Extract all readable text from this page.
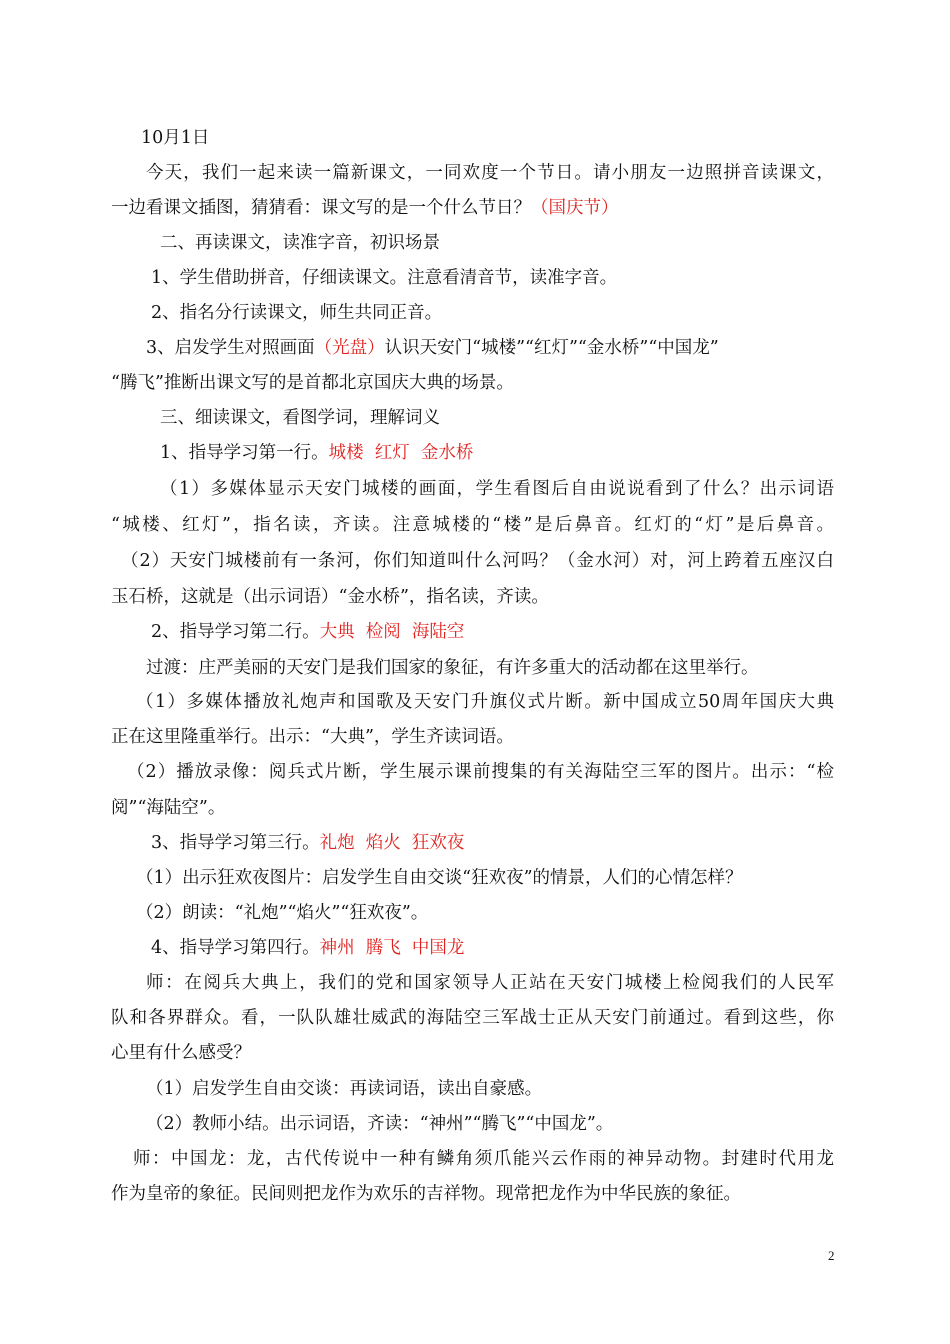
10月1日
今天，我们一起来读一篇新课文，一同欢度一个节日。请小朋友一边照拼音读课文，
一边看课文插图，猜猜看：课文写的是一个什么节日？（国庆节）
二、再读课文，读准字音，初识场景
1、学生借助拼音，仔细读课文。注意看清音节，读准字音。
2、指名分行读课文，师生共同正音。
3、启发学生对照画面（光盘）认识天安门“城楼”“红灯”“金水桥”“中国龙”
“腾飞”推断出课文写的是首都北京国庆大典的场景。
三、细读课文，看图学词，理解词义
1、指导学习第一行。城楼  红灯  金水桥
（1）多媒体显示天安门城楼的画面，学生看图后自由说说看到了什么？出示词语
“城楼、红灯”，指名读，齐读。注意城楼的“楼”是后鼻音。红灯的“灯”是后鼻音。
（2）天安门城楼前有一条河，你们知道叫什么河吗？（金水河）对，河上跨着五座汉白
玉石桥，这就是（出示词语）“金水桥”，指名读，齐读。
2、指导学习第二行。大典  检阅  海陆空
过渡：庄严美丽的天安门是我们国家的象征，有许多重大的活动都在这里举行。
（1）多媒体播放礼炮声和国歌及天安门升旗仪式片断。新中国成立50周年国庆大典
正在这里隆重举行。出示：“大典”，学生齐读词语。
（2）播放录像：阅兵式片断，学生展示课前搜集的有关海陆空三军的图片。出示：“检
阅”“海陆空”。
3、指导学习第三行。礼炮  焰火  狂欢夜
（1）出示狂欢夜图片：启发学生自由交谈“狂欢夜”的情景，人们的心情怎样？
（2）朗读：“礼炮”“焰火”“狂欢夜”。
4、指导学习第四行。神州  腾飞  中国龙
师：在阅兵大典上，我们的党和国家领导人正站在天安门城楼上检阅我们的人民军
队和各界群众。看，一队队雄壮威武的海陆空三军战士正从天安门前通过。看到这些，你
心里有什么感受？
（1）启发学生自由交谈：再读词语，读出自豪感。
（2）教师小结。出示词语，齐读：“神州”“腾飞”“中国龙”。
师：中国龙：龙，古代传说中一种有鳞角须爪能兴云作雨的神异动物。封建时代用龙
作为皇帝的象征。民间则把龙作为欢乐的吉祥物。现常把龙作为中华民族的象征。
2
